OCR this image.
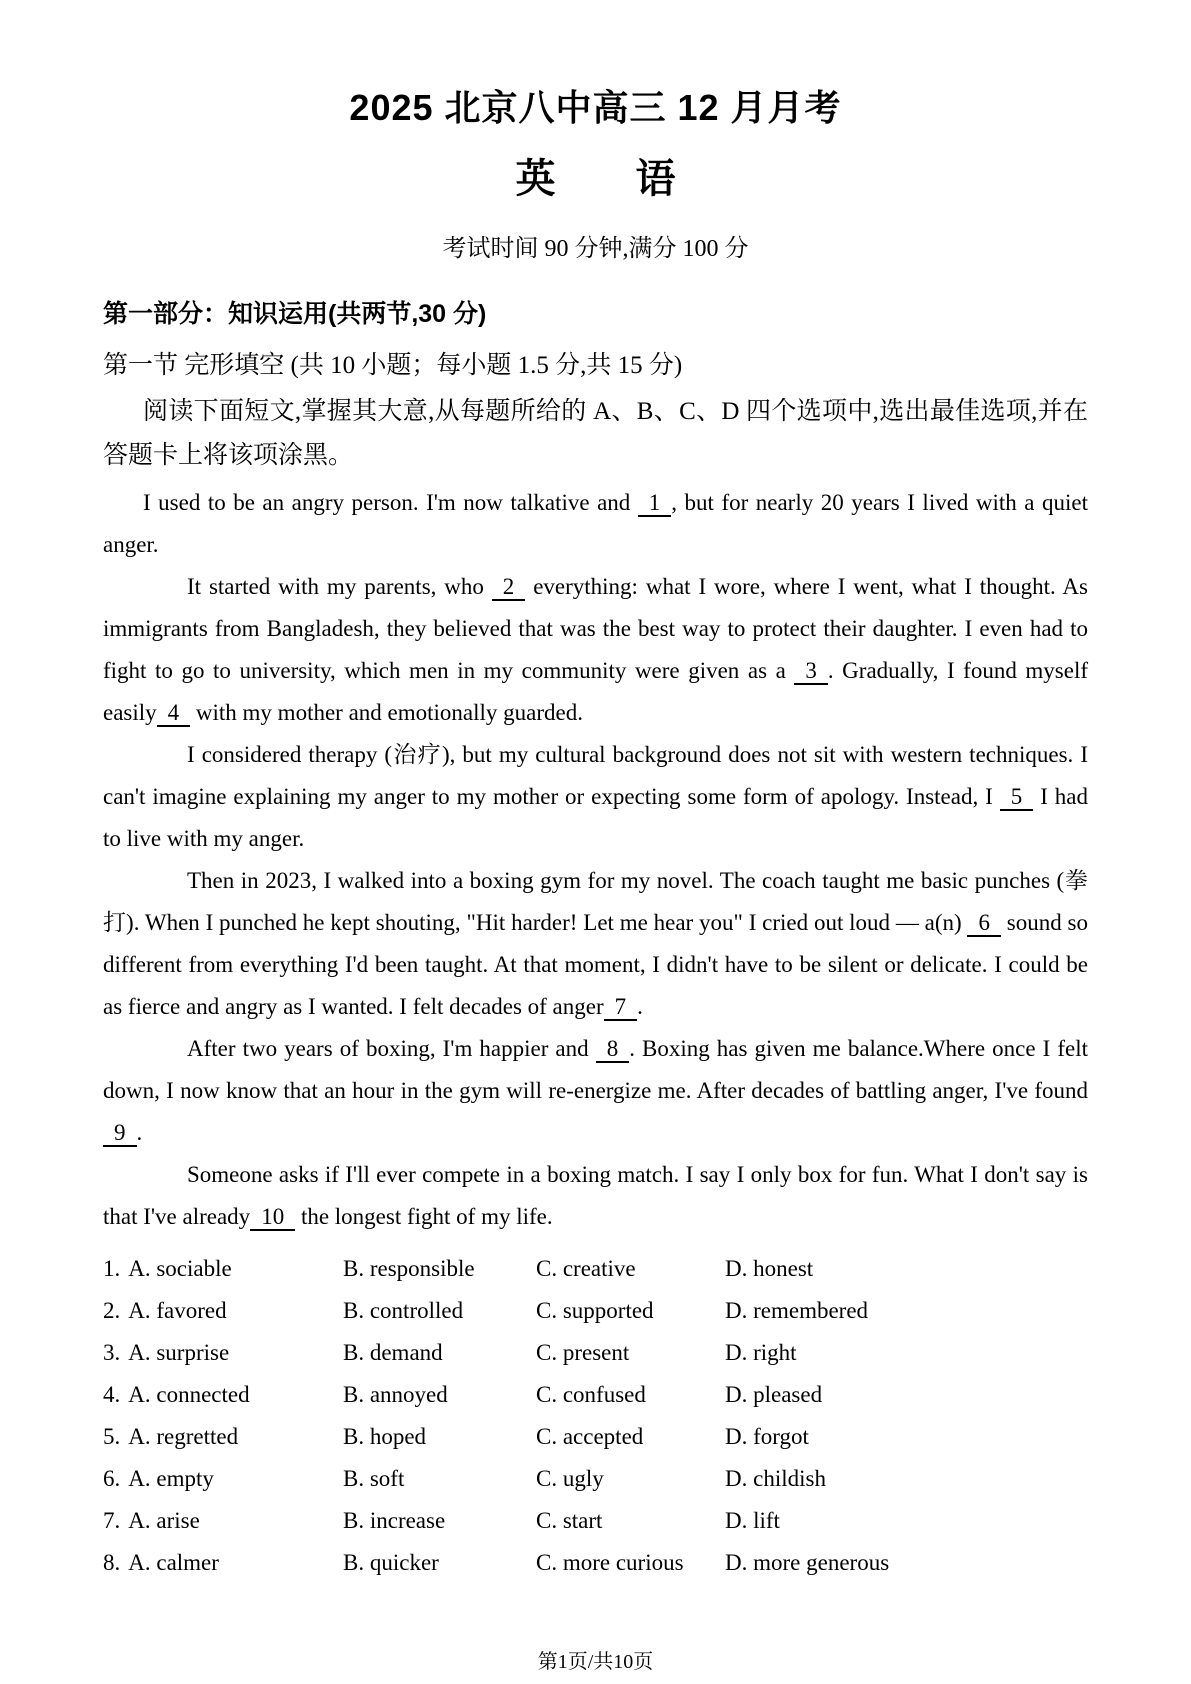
2025 北京八中高三 12 月月考
英　　语

考试时间 90 分钟,满分 100 分

第一部分：知识运用(共两节,30 分)

第一节 完形填空 (共 10 小题；每小题 1.5 分,共 15 分)

阅读下面短文,掌握其大意,从每题所给的 A、B、C、D 四个选项中,选出最佳选项,并在答题卡上将该项涂黑。

I used to be an angry person. I'm now talkative and 1 , but for nearly 20 years I lived with a quiet anger.

It started with my parents, who 2 everything: what I wore, where I went, what I thought. As immigrants from Bangladesh, they believed that was the best way to protect their daughter. I even had to fight to go to university, which men in my community were given as a 3 . Gradually, I found myself easily 4 with my mother and emotionally guarded.

I considered therapy (治疗), but my cultural background does not sit with western techniques. I can't imagine explaining my anger to my mother or expecting some form of apology. Instead, I 5 I had to live with my anger.

Then in 2023, I walked into a boxing gym for my novel. The coach taught me basic punches (拳打). When I punched he kept shouting, "Hit harder! Let me hear you" I cried out loud — a(n) 6 sound so different from everything I'd been taught. At that moment, I didn't have to be silent or delicate. I could be as fierce and angry as I wanted. I felt decades of anger 7 .

After two years of boxing, I'm happier and 8 . Boxing has given me balance.Where once I felt down, I now know that an hour in the gym will re-energize me. After decades of battling anger, I've found 9 .

Someone asks if I'll ever compete in a boxing match. I say I only box for fun. What I don't say is that I've already 10 the longest fight of my life.

1. A. sociable	B. responsible	C. creative	D. honest
2. A. favored	B. controlled	C. supported	D. remembered
3. A. surprise	B. demand	C. present	D. right
4. A. connected	B. annoyed	C. confused	D. pleased
5. A. regretted	B. hoped	C. accepted	D. forgot
6. A. empty	B. soft	C. ugly	D. childish
7. A. arise	B. increase	C. start	D. lift
8. A. calmer	B. quicker	C. more curious	D. more generous
第1页/共10页
